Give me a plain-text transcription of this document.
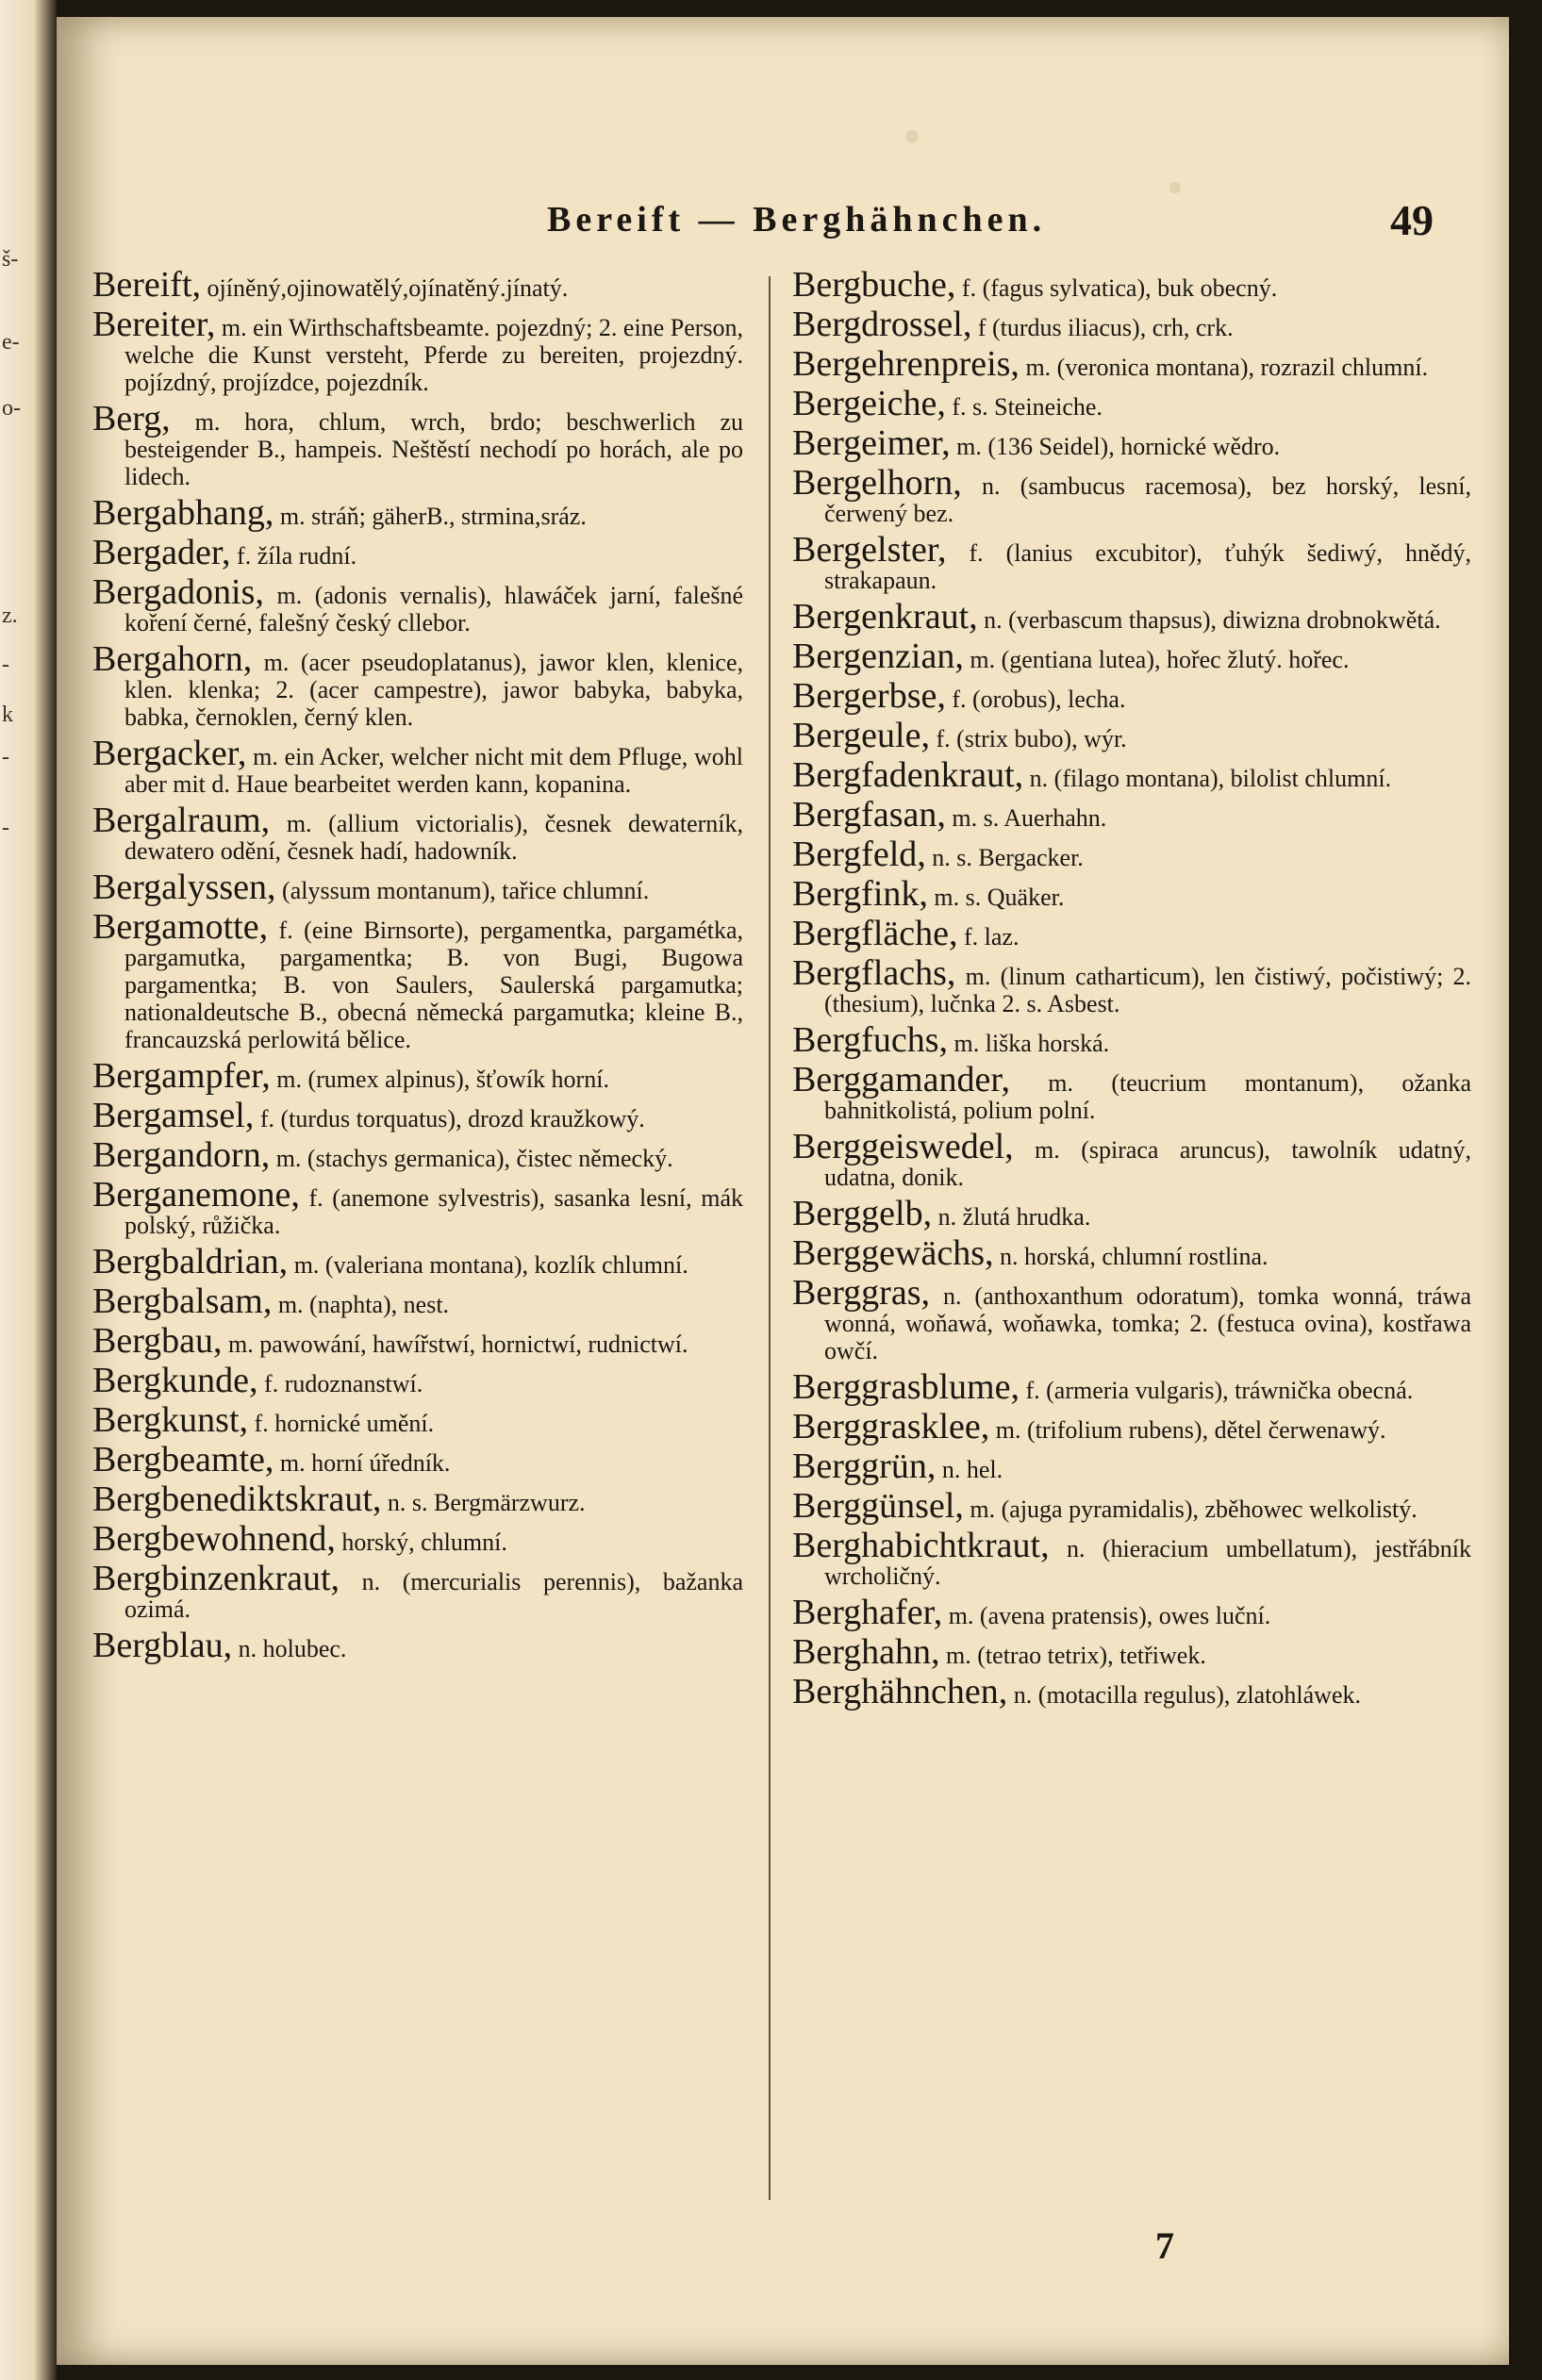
š-
e-
o-
z.
-
k
-
-
Bereift — Berghähnchen.	49

Bereift, ojíněný,ojinowatělý,ojínatěný.jínatý.

Bereiter, m. ein Wirthschaftsbeamte. pojezdný; 2. eine Person, welche die Kunst versteht, Pferde zu bereiten, projezdný. pojízdný, projízdce, pojezdník.

Berg, m. hora, chlum, wrch, brdo; beschwerlich zu besteigender B., hampeis. Neštěstí nechodí po horách, ale po lidech.

Bergabhang, m. stráň; gäherB., strmina,sráz.

Bergader, f. žíla rudní.

Bergadonis, m. (adonis vernalis), hlawáček jarní, falešné koření černé, falešný český cllebor.

Bergahorn, m. (acer pseudoplatanus), jawor klen, klenice, klen. klenka; 2. (acer campestre), jawor babyka, babyka, babka, černoklen, černý klen.

Bergacker, m. ein Acker, welcher nicht mit dem Pfluge, wohl aber mit d. Haue bearbeitet werden kann, kopanina.

Bergalraum, m. (allium victorialis), česnek dewaterník, dewatero odění, česnek hadí, hadowník.

Bergalyssen, (alyssum montanum), tařice chlumní.

Bergamotte, f. (eine Birnsorte), pergamentka, pargamétka, pargamutka, pargamentka; B. von Bugi, Bugowa pargamentka; B. von Saulers, Saulerská pargamutka; nationaldeutsche B., obecná německá pargamutka; kleine B., francauzská perlowitá bělice.

Bergampfer, m. (rumex alpinus), šťowík horní.

Bergamsel, f. (turdus torquatus), drozd kraužkowý.

Bergandorn, m. (stachys germanica), čistec německý.

Berganemone, f. (anemone sylvestris), sasanka lesní, mák polský, růžička.

Bergbaldrian, m. (valeriana montana), kozlík chlumní.

Bergbalsam, m. (naphta), nest.

Bergbau, m. pawowání, hawířstwí, hornictwí, rudnictwí.

Bergkunde, f. rudoznanstwí.

Bergkunst, f. hornické umění.

Bergbeamte, m. horní úředník.

Bergbenediktskraut, n. s. Bergmärzwurz.

Bergbewohnend, horský, chlumní.

Bergbinzenkraut, n. (mercurialis perennis), bažanka ozimá.

Bergblau, n. holubec.

Bergbuche, f. (fagus sylvatica), buk obecný.

Bergdrossel, f (turdus iliacus), crh, crk.

Bergehrenpreis, m. (veronica montana), rozrazil chlumní.

Bergeiche, f. s. Steineiche.

Bergeimer, m. (136 Seidel), hornické wědro.

Bergelhorn, n. (sambucus racemosa), bez horský, lesní, čerwený bez.

Bergelster, f. (lanius excubitor), ťuhýk šediwý, hnědý, strakapaun.

Bergenkraut, n. (verbascum thapsus), diwizna drobnokwětá.

Bergenzian, m. (gentiana lutea), hořec žlutý. hořec.

Bergerbse, f. (orobus), lecha.

Bergeule, f. (strix bubo), wýr.

Bergfadenkraut, n. (filago montana), bilolist chlumní.

Bergfasan, m. s. Auerhahn.

Bergfeld, n. s. Bergacker.

Bergfink, m. s. Quäker.

Bergfläche, f. laz.

Bergflachs, m. (linum catharticum), len čistiwý, počistiwý; 2. (thesium), lučnka 2. s. Asbest.

Bergfuchs, m. liška horská.

Berggamander, m. (teucrium montanum), ožanka bahnitkolistá, polium polní.

Berggeiswedel, m. (spiraca aruncus), tawolník udatný, udatna, donik.

Berggelb, n. žlutá hrudka.

Berggewächs, n. horská, chlumní rostlina.

Berggras, n. (anthoxanthum odoratum), tomka wonná, tráwa wonná, woňawá, woňawka, tomka; 2. (festuca ovina), kostřawa owčí.

Berggrasblume, f. (armeria vulgaris), tráwnička obecná.

Berggrasklee, m. (trifolium rubens), dětel čerwenawý.

Berggrün, n. hel.

Berggünsel, m. (ajuga pyramidalis), zběhowec welkolistý.

Berghabichtkraut, n. (hieracium umbellatum), jestřábník wrcholičný.

Berghafer, m. (avena pratensis), owes luční.

Berghahn, m. (tetrao tetrix), tetřiwek.

Berghähnchen, n. (motacilla regulus), zlatohláwek.

7
